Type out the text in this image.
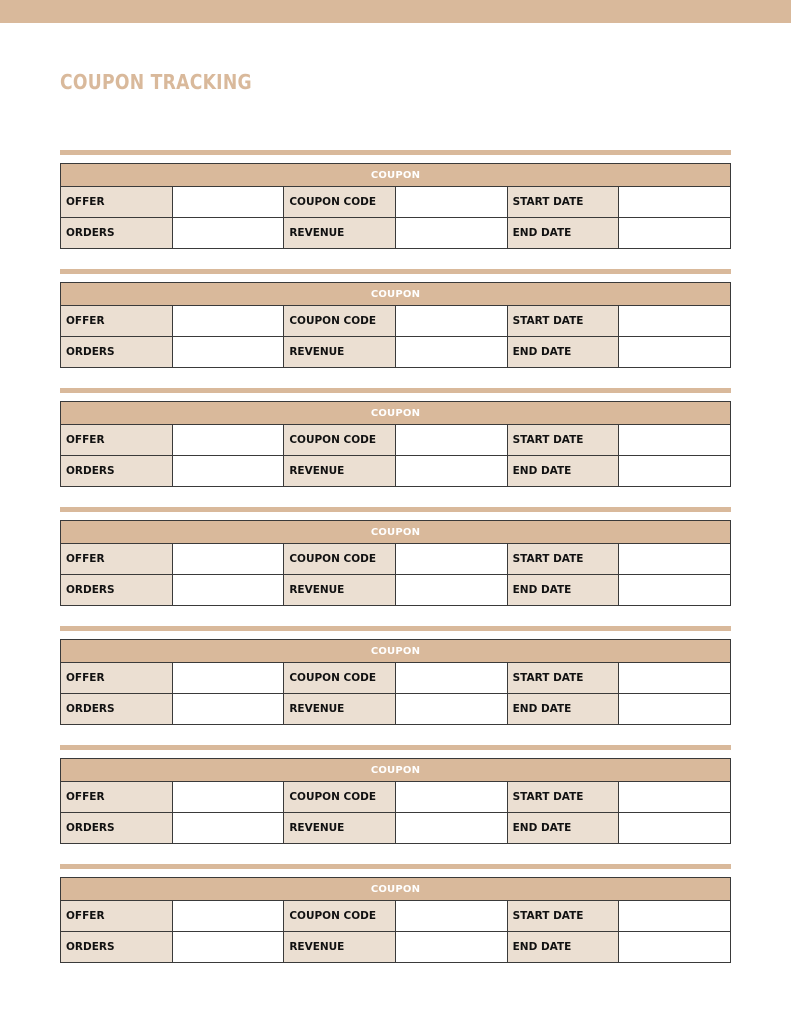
COUPON TRACKING
COUPON					
OFFER		COUPON CODE		START DATE	
ORDERS		REVENUE		END DATE	
COUPON					
OFFER		COUPON CODE		START DATE	
ORDERS		REVENUE		END DATE	
COUPON					
OFFER		COUPON CODE		START DATE	
ORDERS		REVENUE		END DATE	
COUPON					
OFFER		COUPON CODE		START DATE	
ORDERS		REVENUE		END DATE	
COUPON					
OFFER		COUPON CODE		START DATE	
ORDERS		REVENUE		END DATE	
COUPON					
OFFER		COUPON CODE		START DATE	
ORDERS		REVENUE		END DATE	
COUPON					
OFFER		COUPON CODE		START DATE	
ORDERS		REVENUE		END DATE	
